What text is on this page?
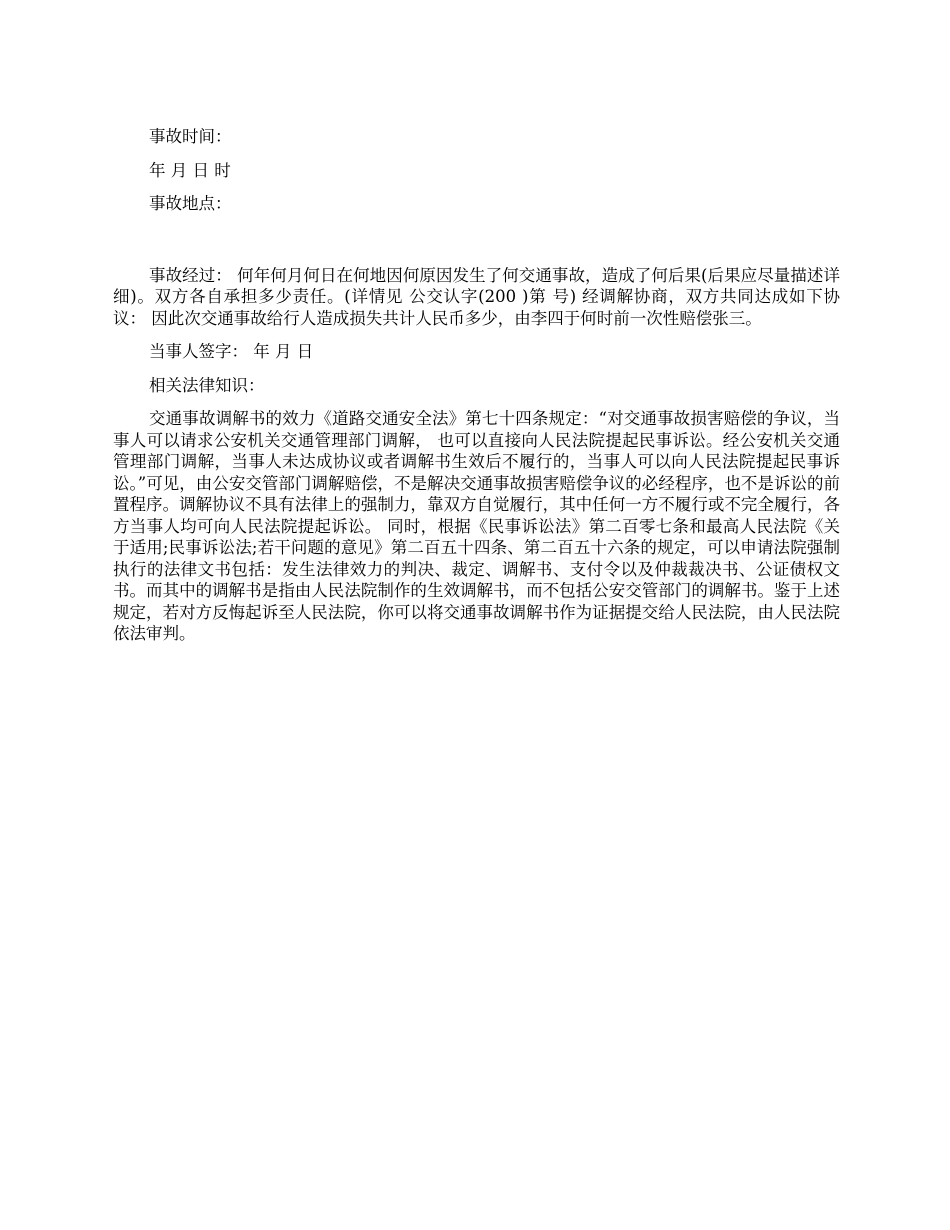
事故时间：

年 月 日 时

事故地点：

事故经过： 何年何月何日在何地因何原因发生了何交通事故，造成了何后果(后果应尽量描述详细)。双方各自承担多少责任。(详情见 公交认字(200 )第 号) 经调解协商，双方共同达成如下协议： 因此次交通事故给行人造成损失共计人民币多少，由李四于何时前一次性赔偿张三。

当事人签字： 年 月 日

相关法律知识：

交通事故调解书的效力《道路交通安全法》第七十四条规定：“对交通事故损害赔偿的争议，当事人可以请求公安机关交通管理部门调解， 也可以直接向人民法院提起民事诉讼。经公安机关交通管理部门调解，当事人未达成协议或者调解书生效后不履行的，当事人可以向人民法院提起民事诉讼。”可见，由公安交管部门调解赔偿，不是解决交通事故损害赔偿争议的必经程序，也不是诉讼的前置程序。调解协议不具有法律上的强制力，靠双方自觉履行，其中任何一方不履行或不完全履行，各方当事人均可向人民法院提起诉讼。 同时，根据《民事诉讼法》第二百零七条和最高人民法院《关于适用;民事诉讼法;若干问题的意见》第二百五十四条、第二百五十六条的规定，可以申请法院强制执行的法律文书包括：发生法律效力的判决、裁定、调解书、支付令以及仲裁裁决书、公证债权文书。而其中的调解书是指由人民法院制作的生效调解书，而不包括公安交管部门的调解书。鉴于上述规定，若对方反悔起诉至人民法院，你可以将交通事故调解书作为证据提交给人民法院，由人民法院依法审判。
